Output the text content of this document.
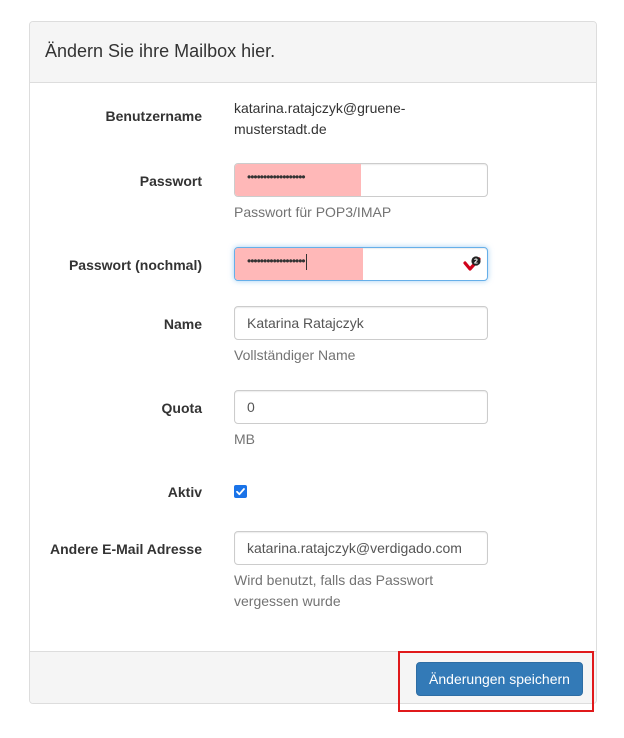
Ändern Sie ihre Mailbox hier.
Benutzername katarina.ratajczyk@gruene-
musterstadt.de
Passwort	••••••••••••••••••
Passwort für POP3/IMAP
Passwort (nochmal)	••••••••••••••••••	2
Name	Katarina Ratajczyk
Vollständiger Name
Quota	0
MB
Aktiv
Andere E-Mail Adresse	katarina.ratajczyk@verdigado.com
Wird benutzt, falls das Passwort
vergessen wurde
Änderungen speichern
